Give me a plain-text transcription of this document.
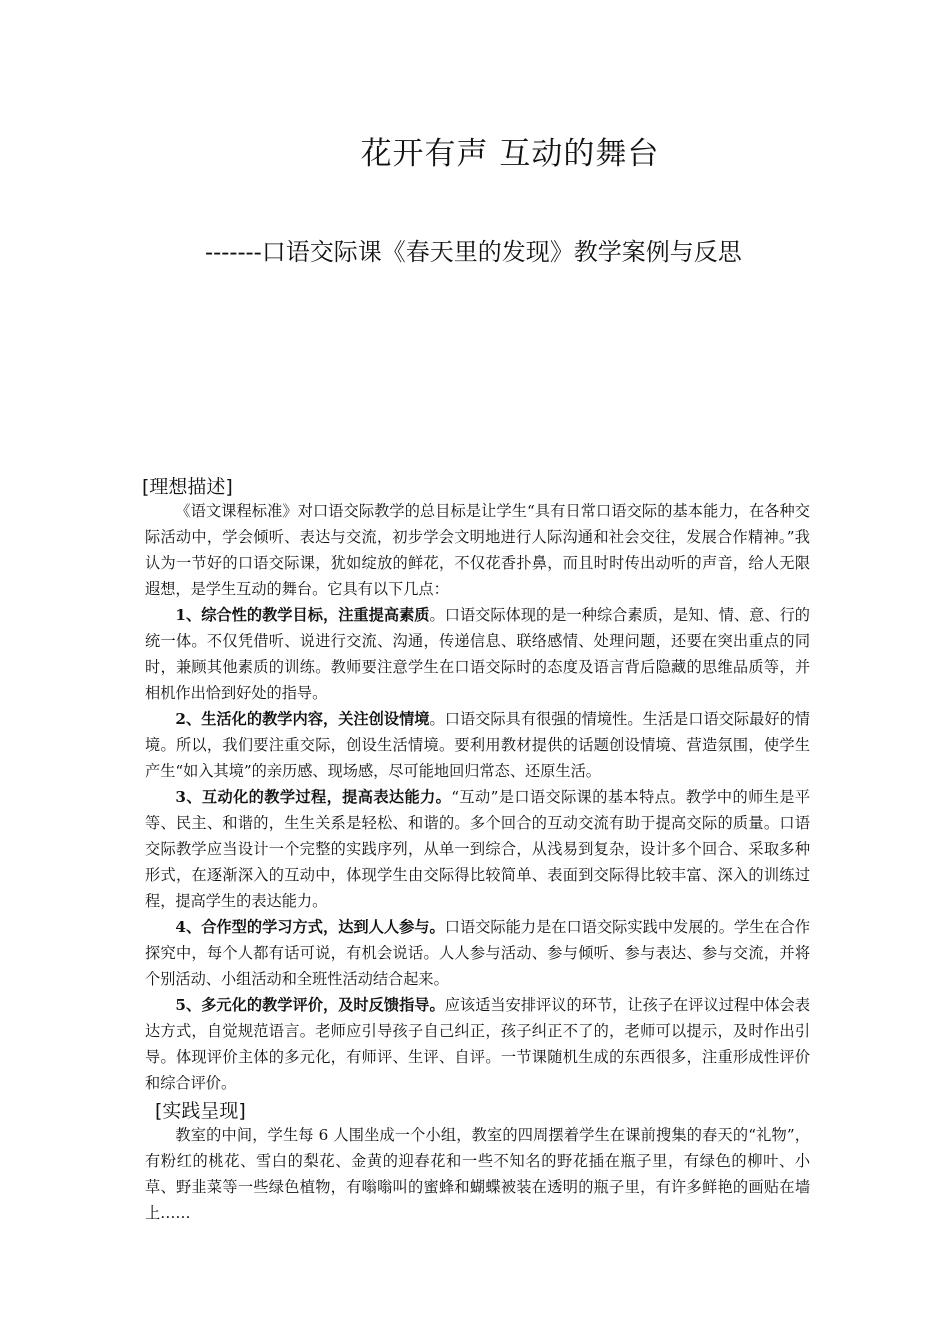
花开有声 互动的舞台
-------口语交际课《春天里的发现》教学案例与反思
[理想描述]

《语文课程标准》对口语交际教学的总目标是让学生“具有日常口语交际的基本能力，在各种交际活动中，学会倾听、表达与交流，初步学会文明地进行人际沟通和社会交往，发展合作精神。”我认为一节好的口语交际课，犹如绽放的鲜花，不仅花香扑鼻，而且时时传出动听的声音，给人无限遐想，是学生互动的舞台。它具有以下几点：

1、综合性的教学目标，注重提高素质。口语交际体现的是一种综合素质，是知、情、意、行的统一体。不仅凭借听、说进行交流、沟通，传递信息、联络感情、处理问题，还要在突出重点的同时，兼顾其他素质的训练。教师要注意学生在口语交际时的态度及语言背后隐藏的思维品质等，并相机作出恰到好处的指导。

2、生活化的教学内容，关注创设情境。口语交际具有很强的情境性。生活是口语交际最好的情境。所以，我们要注重交际，创设生活情境。要利用教材提供的话题创设情境、营造氛围，使学生产生“如入其境”的亲历感、现场感，尽可能地回归常态、还原生活。

3、互动化的教学过程，提高表达能力。“互动”是口语交际课的基本特点。教学中的师生是平等、民主、和谐的，生生关系是轻松、和谐的。多个回合的互动交流有助于提高交际的质量。口语交际教学应当设计一个完整的实践序列，从单一到综合，从浅易到复杂，设计多个回合、采取多种形式，在逐渐深入的互动中，体现学生由交际得比较简单、表面到交际得比较丰富、深入的训练过程，提高学生的表达能力。

4、合作型的学习方式，达到人人参与。口语交际能力是在口语交际实践中发展的。学生在合作探究中，每个人都有话可说，有机会说话。人人参与活动、参与倾听、参与表达、参与交流，并将个别活动、小组活动和全班性活动结合起来。

5、多元化的教学评价，及时反馈指导。应该适当安排评议的环节，让孩子在评议过程中体会表达方式，自觉规范语言。老师应引导孩子自己纠正，孩子纠正不了的，老师可以提示，及时作出引导。体现评价主体的多元化，有师评、生评、自评。一节课随机生成的东西很多，注重形成性评价和综合评价。

[实践呈现]

教室的中间，学生每 6 人围坐成一个小组，教室的四周摆着学生在课前搜集的春天的“礼物”，有粉红的桃花、雪白的梨花、金黄的迎春花和一些不知名的野花插在瓶子里，有绿色的柳叶、小草、野韭菜等一些绿色植物，有嗡嗡叫的蜜蜂和蝴蝶被装在透明的瓶子里，有许多鲜艳的画贴在墙上……
